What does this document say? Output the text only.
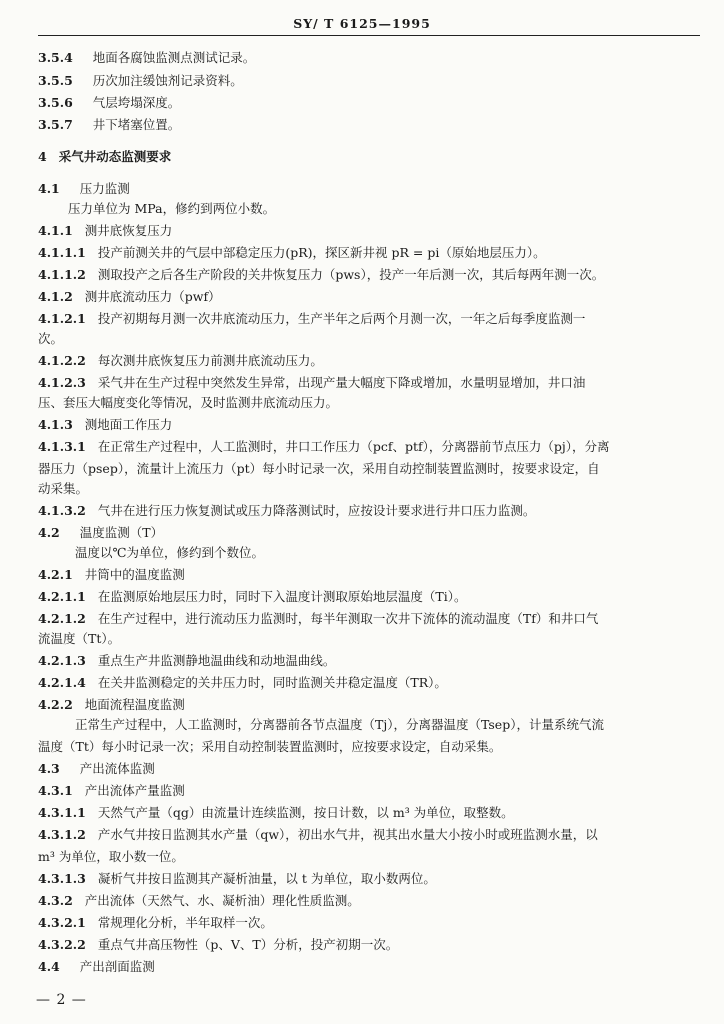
SY/ T 6125—1995
3.5.4 地面各腐蚀监测点测试记录。
3.5.5 历次加注缓蚀剂记录资料。
3.5.6 气层垮塌深度。
3.5.7 井下堵塞位置。
4 采气井动态监测要求
4.1 压力监测
压力单位为 MPa，修约到两位小数。
4.1.1 测井底恢复压力
4.1.1.1 投产前测关井的气层中部稳定压力(pR)，探区新井视 pR = pi（原始地层压力）。
4.1.1.2 测取投产之后各生产阶段的关井恢复压力（pws），投产一年后测一次，其后每两年测一次。
4.1.2 测井底流动压力（pwf）
4.1.2.1 投产初期每月测一次井底流动压力，生产半年之后两个月测一次，一年之后每季度监测一
次。
4.1.2.2 每次测井底恢复压力前测井底流动压力。
4.1.2.3 采气井在生产过程中突然发生异常，出现产量大幅度下降或增加，水量明显增加，井口油
压、套压大幅度变化等情况，及时监测井底流动压力。
4.1.3 测地面工作压力
4.1.3.1 在正常生产过程中，人工监测时，井口工作压力（pcf、ptf），分离器前节点压力（pj），分离
器压力（psep），流量计上流压力（pt）每小时记录一次，采用自动控制装置监测时，按要求设定，自
动采集。
4.1.3.2 气井在进行压力恢复测试或压力降落测试时，应按设计要求进行井口压力监测。
4.2 温度监测（T）
温度以℃为单位，修约到个数位。
4.2.1 井筒中的温度监测
4.2.1.1 在监测原始地层压力时，同时下入温度计测取原始地层温度（Ti）。
4.2.1.2 在生产过程中，进行流动压力监测时，每半年测取一次井下流体的流动温度（Tf）和井口气
流温度（Tt）。
4.2.1.3 重点生产井监测静地温曲线和动地温曲线。
4.2.1.4 在关井监测稳定的关井压力时，同时监测关井稳定温度（TR）。
4.2.2 地面流程温度监测
正常生产过程中，人工监测时，分离器前各节点温度（Tj），分离器温度（Tsep），计量系统气流
温度（Tt）每小时记录一次；采用自动控制装置监测时，应按要求设定，自动采集。
4.3 产出流体监测
4.3.1 产出流体产量监测
4.3.1.1 天然气产量（qg）由流量计连续监测，按日计数，以 m³ 为单位，取整数。
4.3.1.2 产水气井按日监测其水产量（qw），初出水气井，视其出水量大小按小时或班监测水量，以
m³ 为单位，取小数一位。
4.3.1.3 凝析气井按日监测其产凝析油量，以 t 为单位，取小数两位。
4.3.2 产出流体（天然气、水、凝析油）理化性质监测。
4.3.2.1 常规理化分析，半年取样一次。
4.3.2.2 重点气井高压物性（p、V、T）分析，投产初期一次。
4.4 产出剖面监测
— 2 —
